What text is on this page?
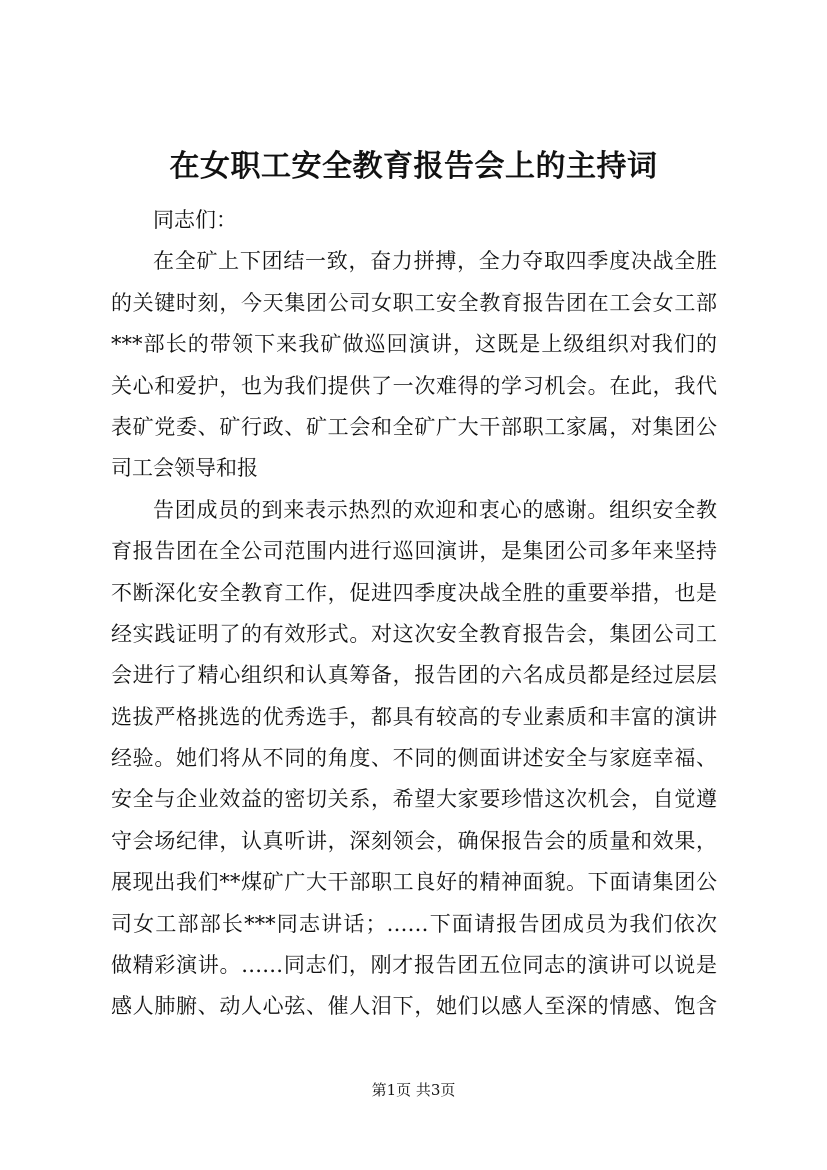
在女职工安全教育报告会上的主持词
同志们：
在全矿上下团结一致，奋力拼搏，全力夺取四季度决战全胜
的关键时刻，今天集团公司女职工安全教育报告团在工会女工部
***部长的带领下来我矿做巡回演讲，这既是上级组织对我们的
关心和爱护，也为我们提供了一次难得的学习机会。在此，我代
表矿党委、矿行政、矿工会和全矿广大干部职工家属，对集团公
司工会领导和报
告团成员的到来表示热烈的欢迎和衷心的感谢。组织安全教
育报告团在全公司范围内进行巡回演讲，是集团公司多年来坚持
不断深化安全教育工作，促进四季度决战全胜的重要举措，也是
经实践证明了的有效形式。对这次安全教育报告会，集团公司工
会进行了精心组织和认真筹备，报告团的六名成员都是经过层层
选拔严格挑选的优秀选手，都具有较高的专业素质和丰富的演讲
经验。她们将从不同的角度、不同的侧面讲述安全与家庭幸福、
安全与企业效益的密切关系，希望大家要珍惜这次机会，自觉遵
守会场纪律，认真听讲，深刻领会，确保报告会的质量和效果，
展现出我们**煤矿广大干部职工良好的精神面貌。下面请集团公
司女工部部长***同志讲话；……下面请报告团成员为我们依次
做精彩演讲。……同志们，刚才报告团五位同志的演讲可以说是
感人肺腑、动人心弦、催人泪下，她们以感人至深的情感、饱含
第1页 共3页
